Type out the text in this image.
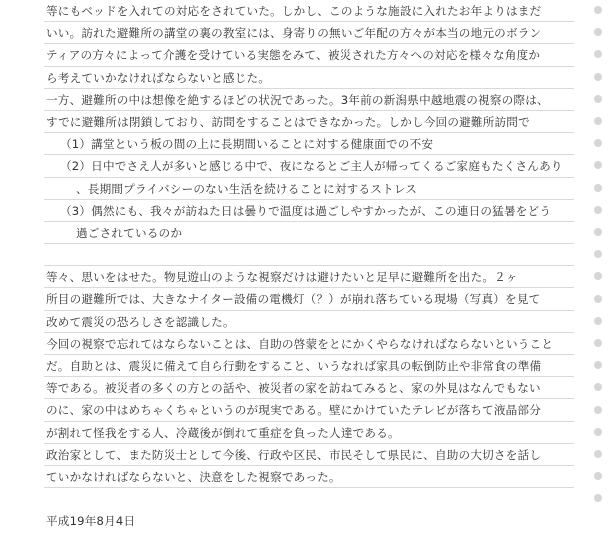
等にもベッドを入れての対応をされていた。しかし、このような施設に入れたお年よりはまだ
いい。訪れた避難所の講堂の裏の教室には、身寄りの無いご年配の方々が本当の地元のボラン
ティアの方々によって介護を受けている実態をみて、被災された方々への対応を様々な角度か
ら考えていかなければならないと感じた。
一方、避難所の中は想像を絶するほどの状況であった。3年前の新潟県中越地震の視察の際は、
すでに避難所は閉鎖しており、訪問をすることはできなかった。しかし今回の避難所訪問で
（1）講堂という板の間の上に長期間いることに対する健康面での不安
（2）日中でさえ人が多いと感じる中で、夜になるとご主人が帰ってくるご家庭もたくさんあり
、長期間プライバシーのない生活を続けることに対するストレス
（3）偶然にも、我々が訪ねた日は曇りで温度は過ごしやすかったが、この連日の猛暑をどう
過ごされているのか
等々、思いをはせた。物見遊山のような視察だけは避けたいと足早に避難所を出た。２ヶ
所目の避難所では、大きなナイター設備の電機灯（？）が崩れ落ちている現場（写真）を見て
改めて震災の恐ろしさを認識した。
今回の視察で忘れてはならないことは、自助の啓蒙をとにかくやらなければならないということ
だ。自助とは、震災に備えて自ら行動をすること、いうなれば家具の転倒防止や非常食の準備
等である。被災者の多くの方との話や、被災者の家を訪ねてみると、家の外見はなんでもない
のに、家の中はめちゃくちゃというのが現実である。壁にかけていたテレビが落ちて液晶部分
が割れて怪我をする人、冷蔵後が倒れて重症を負った人達である。
政治家として、また防災士として今後、行政や区民、市民そして県民に、自助の大切さを話し
ていかなければならないと、決意をした視察であった。
平成19年8月4日
